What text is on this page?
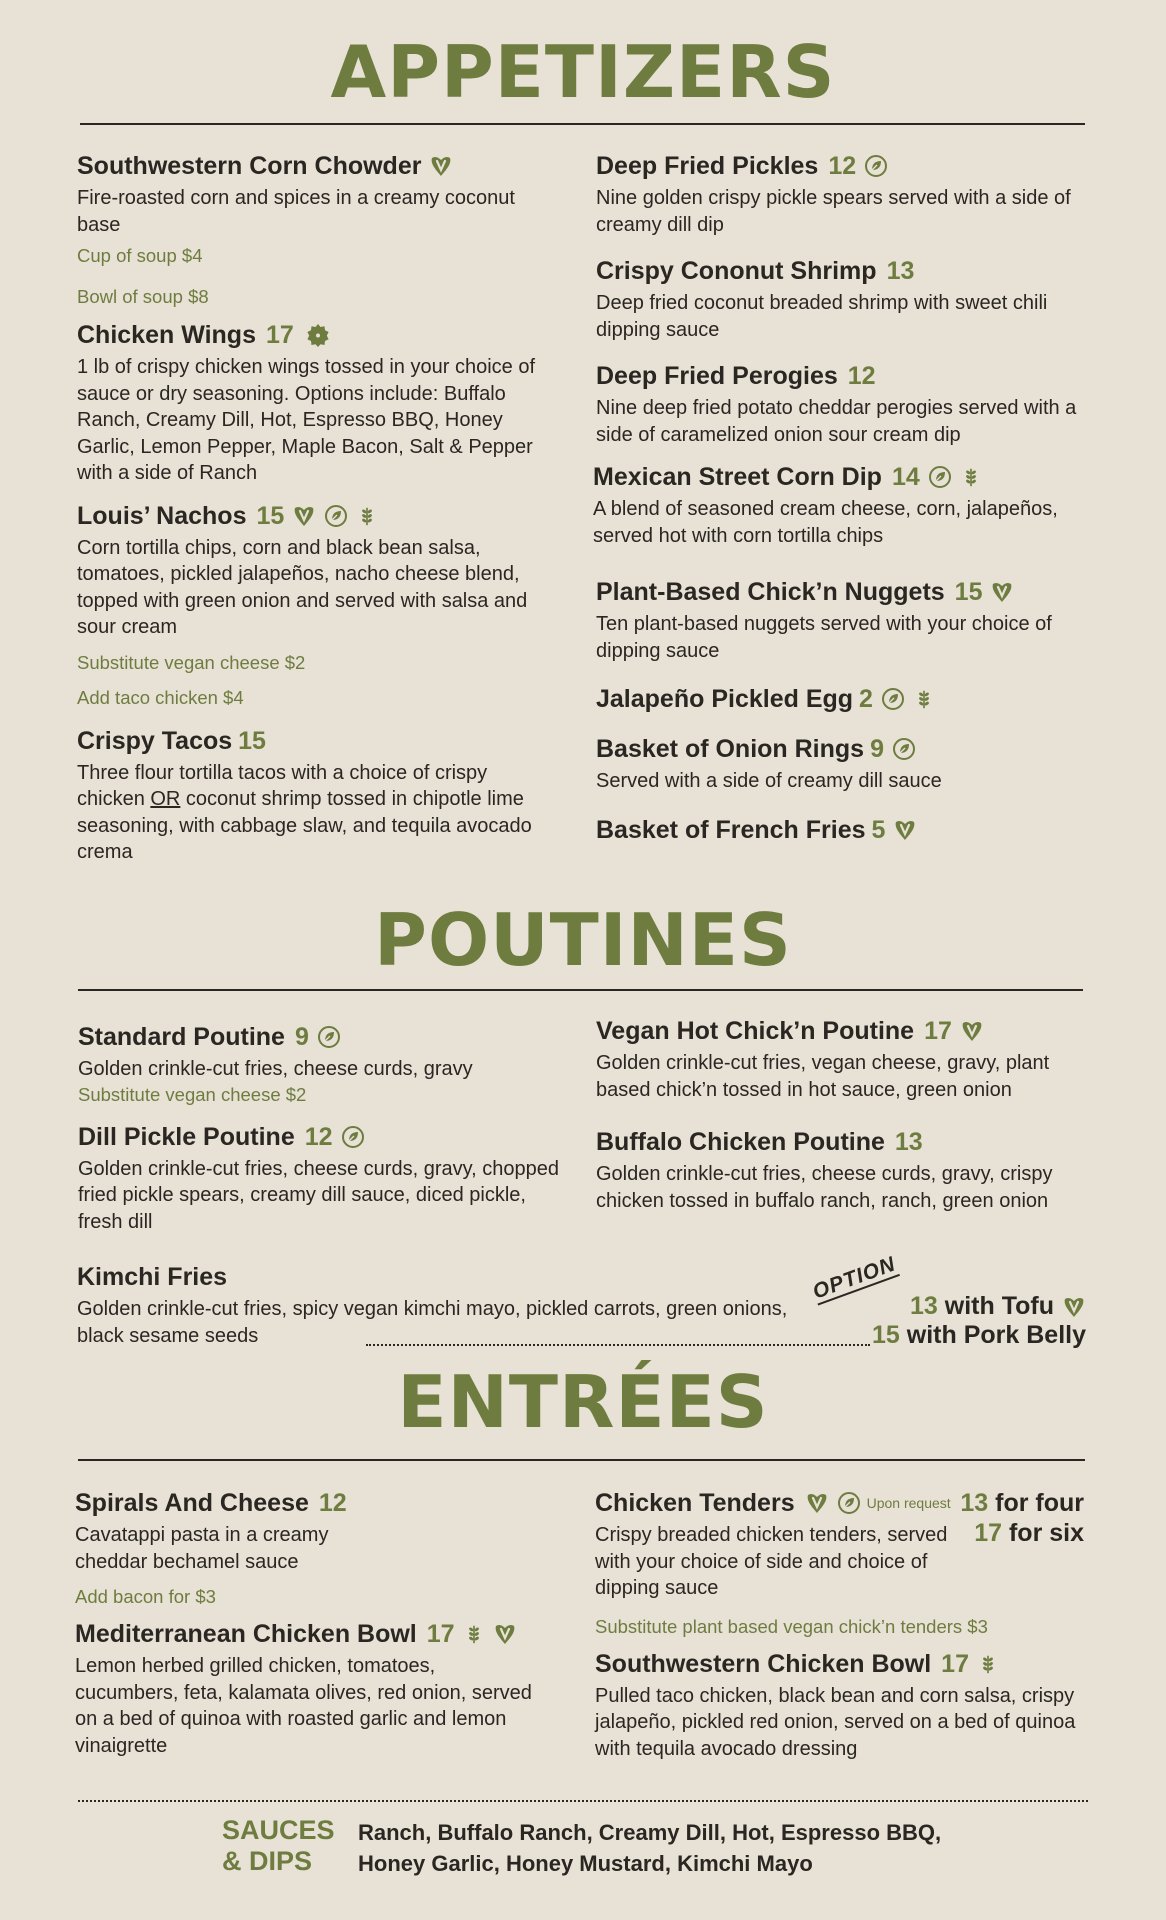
APPETIZERS
Southwestern Corn Chowder

Fire-roasted corn and spices in a creamy coconut base

Cup of soup $4

Bowl of soup $8

Chicken Wings 17

1 lb of crispy chicken wings tossed in your choice of sauce or dry seasoning. Options include: Buffalo Ranch, Creamy Dill, Hot, Espresso BBQ, Honey Garlic, Lemon Pepper, Maple Bacon, Salt & Pepper with a side of Ranch

Louis’ Nachos 15

Corn tortilla chips, corn and black bean salsa, tomatoes, pickled jalapeños, nacho cheese blend, topped with green onion and served with salsa and sour cream

Substitute vegan cheese $2

Add taco chicken $4

Crispy Tacos 15

Three flour tortilla tacos with a choice of crispy chicken OR coconut shrimp tossed in chipotle lime seasoning, with cabbage slaw, and tequila avocado crema

Deep Fried Pickles 12

Nine golden crispy pickle spears served with a side of creamy dill dip

Crispy Cononut Shrimp 13

Deep fried coconut breaded shrimp with sweet chili dipping sauce

Deep Fried Perogies 12

Nine deep fried potato cheddar perogies served with a side of caramelized onion sour cream dip

Mexican Street Corn Dip 14

A blend of seasoned cream cheese, corn, jalapeños, served hot with corn tortilla chips

Plant-Based Chick’n Nuggets 15

Ten plant-based nuggets served with your choice of dipping sauce

Jalapeño Pickled Egg 2
Basket of Onion Rings 9

Served with a side of creamy dill sauce

Basket of French Fries 5
POUTINES
Standard Poutine 9

Golden crinkle-cut fries, cheese curds, gravy

Substitute vegan cheese $2

Dill Pickle Poutine 12

Golden crinkle-cut fries, cheese curds, gravy, chopped fried pickle spears, creamy dill sauce, diced pickle, fresh dill

Vegan Hot Chick’n Poutine 17

Golden crinkle-cut fries, vegan cheese, gravy, plant based chick’n tossed in hot sauce, green onion

Buffalo Chicken Poutine 13

Golden crinkle-cut fries, cheese curds, gravy, crispy chicken tossed in buffalo ranch, ranch, green onion

Kimchi Fries

Golden crinkle-cut fries, spicy vegan kimchi mayo, pickled carrots, green onions, black sesame seeds

OPTION
13 with Tofu
15 with Pork Belly
ENTRÉES
Spirals And Cheese 12

Cavatappi pasta in a creamy cheddar bechamel sauce

Add bacon for $3

Mediterranean Chicken Bowl 17

Lemon herbed grilled chicken, tomatoes, cucumbers, feta, kalamata olives, red onion, served on a bed of quinoa with roasted garlic and lemon vinaigrette

Chicken Tenders	Upon request

Crispy breaded chicken tenders, served with your choice of side and choice of dipping sauce

Substitute plant based vegan chick’n tenders $3

Southwestern Chicken Bowl 17

Pulled taco chicken, black bean and corn salsa, crispy jalapeño, pickled red onion, served on a bed of quinoa with tequila avocado dressing

13 for four
17 for six
SAUCES
& DIPS
Ranch, Buffalo Ranch, Creamy Dill, Hot, Espresso BBQ,
Honey Garlic, Honey Mustard, Kimchi Mayo
